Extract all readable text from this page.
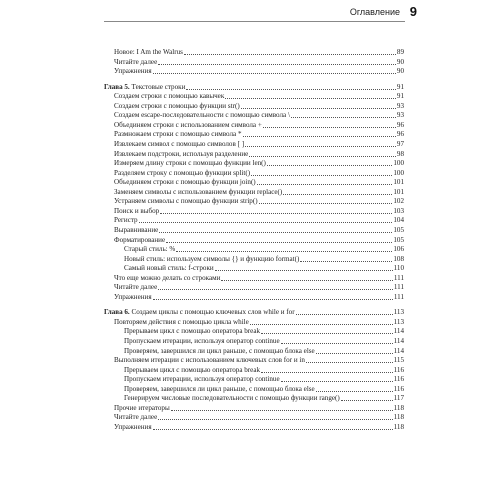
Оглавление 9
Новое: I Am the Walrus	89
Читайте далее	90
Упражнения	90
Глава 5. Текстовые строки	91
Создаем строки с помощью кавычек	91
Создаем строки с помощью функции str()	93
Создаем escape-последовательности с помощью символа \	93
Объединяем строки с использованием символа +	96
Размножаем строки с помощью символа *	96
Извлекаем символ с помощью символов [ ]	97
Извлекаем подстроки, используя разделение	98
Измеряем длину строки с помощью функции len()	100
Разделяем строку с помощью функции split()	100
Объединяем строки с помощью функции join()	101
Заменяем символы с использованием функции replace()	101
Устраняем символы с помощью функции strip()	102
Поиск и выбор	103
Регистр	104
Выравнивание	105
Форматирование	105
Старый стиль: %	106
Новый стиль: используем символы {} и функцию format()	108
Самый новый стиль: f-строки	110
Что еще можно делать со строками	111
Читайте далее	111
Упражнения	111
Глава 6. Создаем циклы с помощью ключевых слов while и for	113
Повторяем действия с помощью цикла while	113
Прерываем цикл с помощью оператора break	114
Пропускаем итерации, используя оператор continue	114
Проверяем, завершился ли цикл раньше, с помощью блока else	114
Выполняем итерации с использованием ключевых слов for и in	115
Прерываем цикл с помощью оператора break	116
Пропускаем итерации, используя оператор continue	116
Проверяем, завершился ли цикл раньше, с помощью блока else	116
Генерируем числовые последовательности с помощью функции range()	117
Прочие итераторы	118
Читайте далее	118
Упражнения	118
